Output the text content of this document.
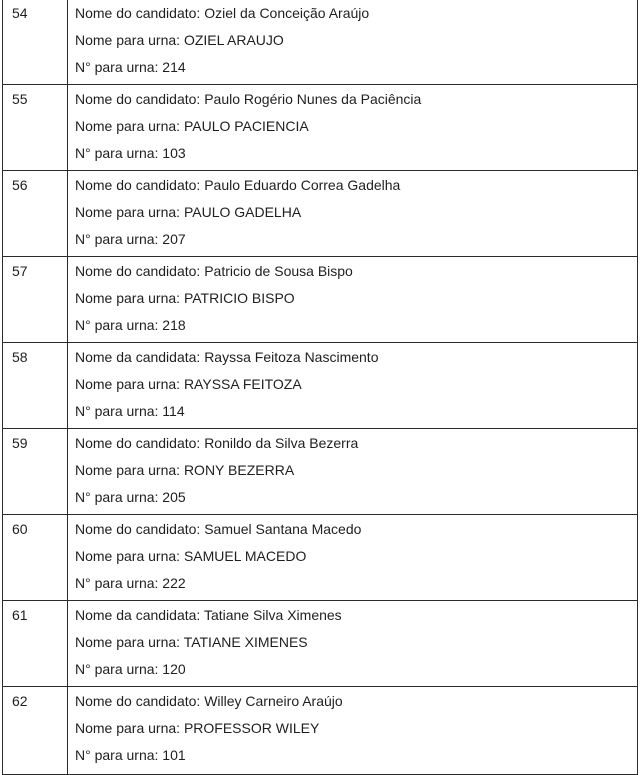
54	Nome do candidato: Oziel da Conceição Araújo
Nome para urna: OZIEL ARAUJO
N° para urna: 214

55	Nome do candidato: Paulo Rogério Nunes da Paciência
Nome para urna: PAULO PACIENCIA
N° para urna: 103

56	Nome do candidato: Paulo Eduardo Correa Gadelha
Nome para urna: PAULO GADELHA
N° para urna: 207

57	Nome do candidato: Patricio de Sousa Bispo
Nome para urna: PATRICIO BISPO
N° para urna: 218

58	Nome da candidata: Rayssa Feitoza Nascimento
Nome para urna: RAYSSA FEITOZA
N° para urna: 114

59	Nome do candidato: Ronildo da Silva Bezerra
Nome para urna: RONY BEZERRA
N° para urna: 205

60	Nome do candidato: Samuel Santana Macedo
Nome para urna: SAMUEL MACEDO
N° para urna: 222

61	Nome da candidata: Tatiane Silva Ximenes
Nome para urna: TATIANE XIMENES
N° para urna: 120

62	Nome do candidato: Willey Carneiro Araújo
Nome para urna: PROFESSOR WILEY
N° para urna: 101
